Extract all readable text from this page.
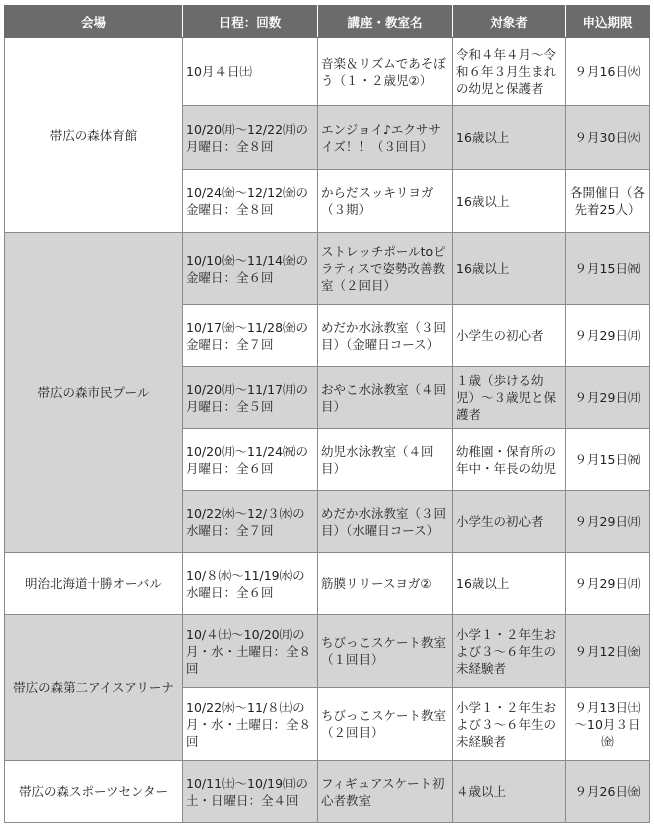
会場	日程：回数	講座・教室名	対象者	申込期限
帯広の森体育館	10月４日㈯	音楽＆リズムであそぼう（１・２歳児②）	令和４年４月～令和６年３月生まれの幼児と保護者	９月16日㈫
	10/20㈪～12/22㈪の月曜日：全８回	エンジョイ♪エクササイズ！！（３回目）	16歳以上	９月30日㈫
	10/24㈮～12/12㈮の金曜日：全８回	からだスッキリヨガ（３期）	16歳以上	各開催日（各先着25人）
帯広の森市民プール	10/10㈮～11/14㈮の金曜日：全６回	ストレッチポールtoピラティスで姿勢改善教室（２回目）	16歳以上	９月15日㈷
	10/17㈮～11/28㈮の金曜日：全７回	めだか水泳教室（３回目）（金曜日コース）	小学生の初心者	９月29日㈪
	10/20㈪～11/17㈪の月曜日：全５回	おやこ水泳教室（４回目）	１歳（歩ける幼児）～３歳児と保護者	９月29日㈪
	10/20㈪～11/24㈷の月曜日：全６回	幼児水泳教室（４回目）	幼稚園・保育所の年中・年長の幼児	９月15日㈷
	10/22㈬～12/３㈬の水曜日：全７回	めだか水泳教室（３回目）（水曜日コース）	小学生の初心者	９月29日㈪
明治北海道十勝オーバル	10/８㈬～11/19㈬の水曜日：全６回	筋膜リリースヨガ②	16歳以上	９月29日㈪
帯広の森第二アイスアリーナ	10/４㈯～10/20㈪の月・水・土曜日：全８回	ちびっこスケート教室（１回目）	小学１・２年生および３～６年生の未経験者	９月12日㈮
	10/22㈬～11/８㈯の月・水・土曜日：全８回	ちびっこスケート教室（２回目）	小学１・２年生および３～６年生の未経験者	９月13日㈯～10月３日㈮
帯広の森スポーツセンター	10/11㈯～10/19㈰の土・日曜日：全４回	フィギュアスケート初心者教室	４歳以上	９月26日㈮
